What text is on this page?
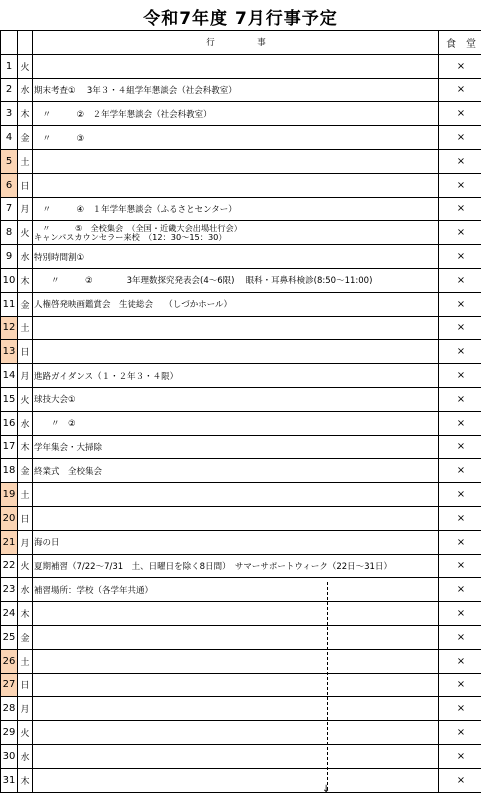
令和7年度 7月行事予定
		行　　　　　事	食　堂
1	火		×
2	水	期末考査①　 3年３・４組学年懇談会（社会科教室）	×
3	木	　〃　　　②　２年学年懇談会（社会科教室）	×
4	金	　〃　　　③	×
5	土		×
6	日		×
7	月	　〃　　　④　１年学年懇談会（ふるさとセンター）	×
8	火	　〃　　　⑤　全校集会　（全国・近畿大会出場壮行会）
キャンパスカウンセラー来校　（12：30〜15：30）	×
9	水	特別時間割①	×
10	木	　　〃　　　②　　　　3年理数探究発表会(4〜6限)　 眼科・耳鼻科検診(8:50〜11:00)	×
11	金	人権啓発映画鑑賞会　生徒総会　 （しづかホール）	×
12	土		×
13	日		×
14	月	進路ガイダンス（１・２年３・４限）	×
15	火	球技大会①	×
16	水	　　〃　②	×
17	木	学年集会・大掃除	×
18	金	終業式　全校集会	×
19	土		×
20	日		×
21	月	海の日	×
22	火	夏期補習（7/22〜7/31　土、日曜日を除く8日間）　サマーサポートウィーク（22日〜31日）	×
23	水	補習場所：学校（各学年共通）	×
24	木		×
25	金		×
26	土		×
27	日		×
28	月		×
29	火		×
30	水		×
31	木		×
↓
